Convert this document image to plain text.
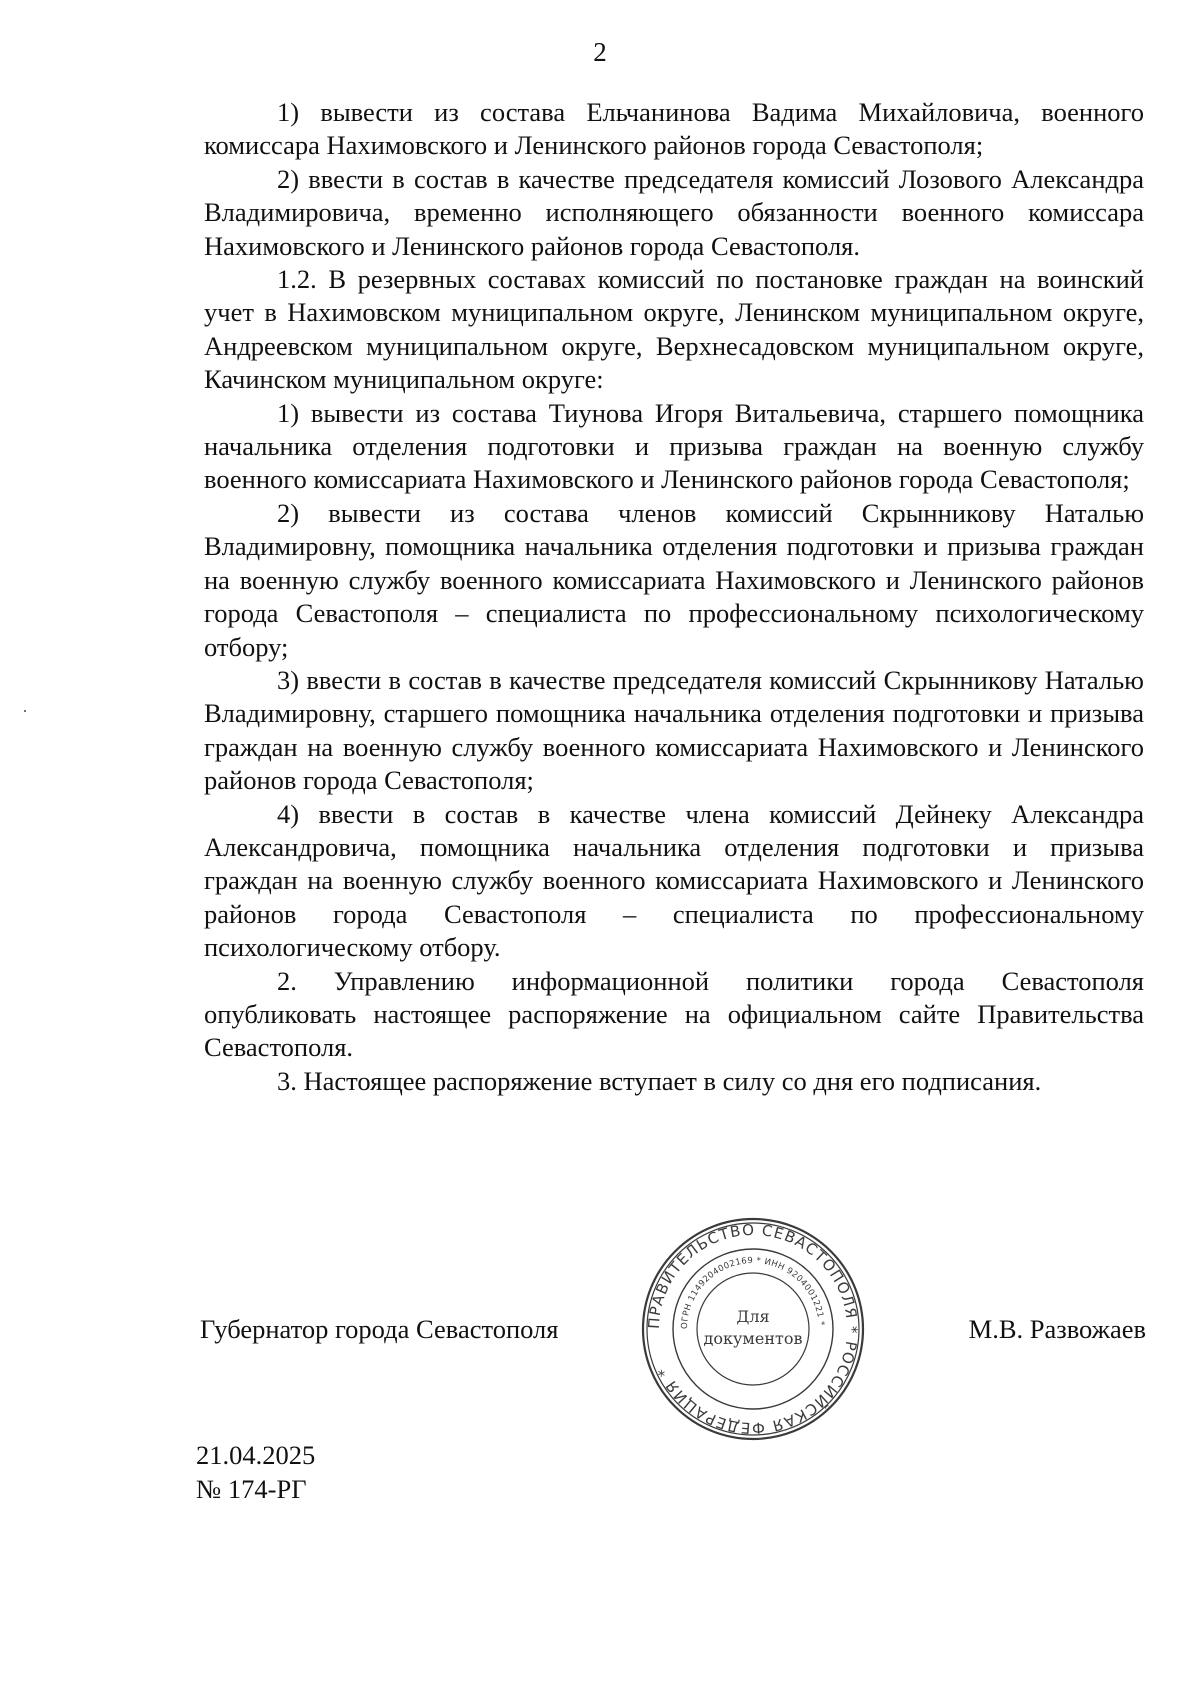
2

1) вывести из состава Ельчанинова Вадима Михайловича, военного комиссара Нахимовского и Ленинского районов города Севастополя;

2) ввести в состав в качестве председателя комиссий Лозового Александра Владимировича, временно исполняющего обязанности военного комиссара Нахимовского и Ленинского районов города Севастополя.

1.2. В резервных составах комиссий по постановке граждан на воинский учет в Нахимовском муниципальном округе, Ленинском муниципальном округе, Андреевском муниципальном округе, Верхнесадовском муниципальном округе, Качинском муниципальном округе:

1) вывести из состава Тиунова Игоря Витальевича, старшего помощника начальника отделения подготовки и призыва граждан на военную службу военного комиссариата Нахимовского и Ленинского районов города Севастополя;

2) вывести из состава членов комиссий Скрынникову Наталью Владимировну, помощника начальника отделения подготовки и призыва граждан на военную службу военного комиссариата Нахимовского и Ленинского районов города Севастополя – специалиста по профессиональному психологическому отбору;

3) ввести в состав в качестве председателя комиссий Скрынникову Наталью Владимировну, старшего помощника начальника отделения подготовки и призыва граждан на военную службу военного комиссариата Нахимовского и Ленинского районов города Севастополя;

4) ввести в состав в качестве члена комиссий Дейнеку Александра Александровича, помощника начальника отделения подготовки и призыва граждан на военную службу военного комиссариата Нахимовского и Ленинского районов города Севастополя – специалиста по профессиональному психологическому отбору.

2. Управлению информационной политики города Севастополя опубликовать настоящее распоряжение на официальном сайте Правительства Севастополя.

3. Настоящее распоряжение вступает в силу со дня его подписания.

Губернатор города Севастополя	М.В. Развожаев
ПРАВИТЕЛЬСТВО СЕВАСТОПОЛЯ * РОССИЙСКАЯ ФЕДЕРАЦИЯ *
ОГРН 1149204002169 * ИНН 9204001221 *
Для
документов
21.04.2025
№ 174-РГ
